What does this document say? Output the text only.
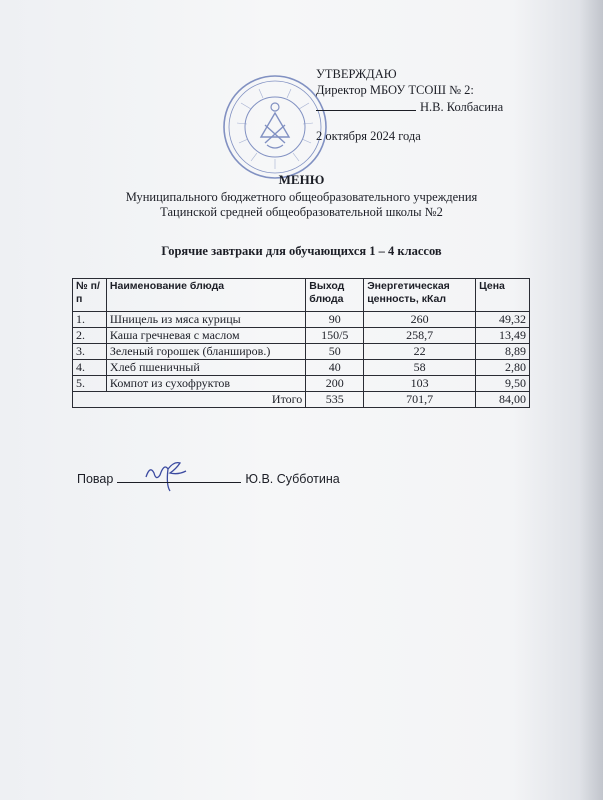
УТВЕРЖДАЮ
Директор МБОУ ТСОШ № 2:
Н.В. Колбасина
2 октября 2024 года
МЕНЮ
Муниципального бюджетного общеобразовательного учреждения
Тацинской средней общеобразовательной школы №2
Горячие завтраки для обучающихся 1 – 4 классов
№ п/п	Наименование блюда	Выход блюда	Энергетическая ценность, кКал	Цена
1.	Шницель из мяса курицы	90	260	49,32
2.	Каша гречневая с маслом	150/5	258,7	13,49
3.	Зеленый горошек (бланширов.)	50	22	8,89
4.	Хлеб пшеничный	40	58	2,80
5.	Компот из сухофруктов	200	103	9,50
Итого		535	701,7	84,00
Повар	Ю.В. Субботина
